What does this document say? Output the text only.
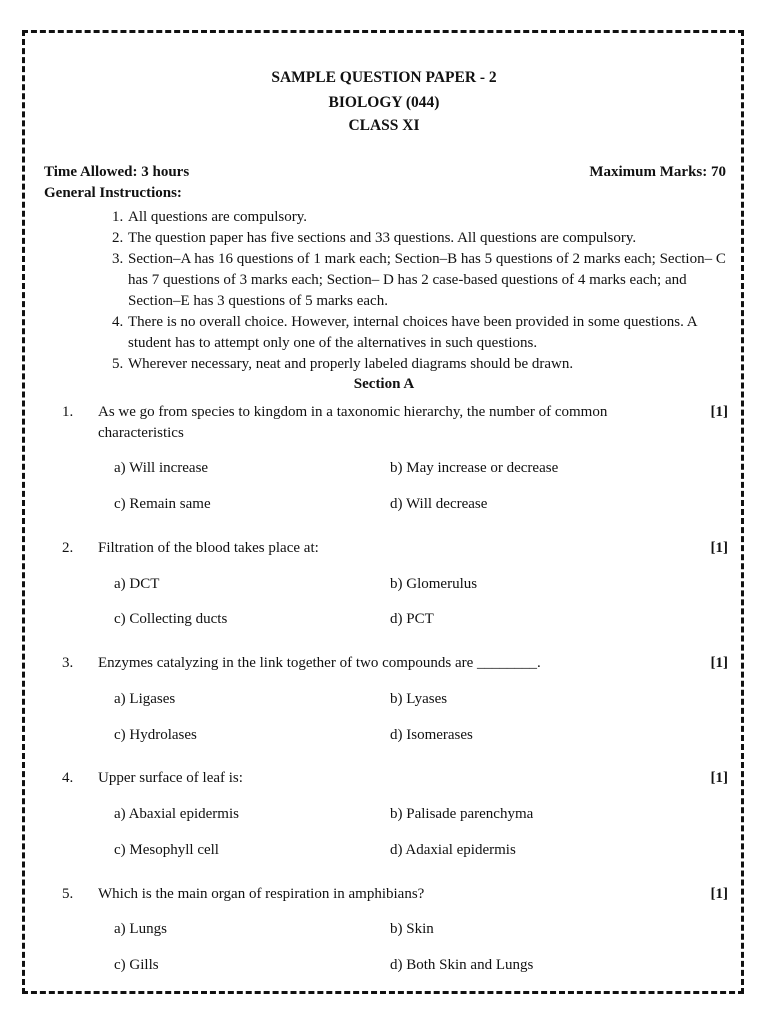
SAMPLE QUESTION PAPER - 2
BIOLOGY (044)
CLASS XI
Time Allowed: 3 hours	Maximum Marks: 70
General Instructions:
1. All questions are compulsory.
2. The question paper has five sections and 33 questions. All questions are compulsory.
3. Section–A has 16 questions of 1 mark each; Section–B has 5 questions of 2 marks each; Section– C has 7 questions of 3 marks each; Section– D has 2 case-based questions of 4 marks each; and Section–E has 3 questions of 5 marks each.
4. There is no overall choice. However, internal choices have been provided in some questions. A student has to attempt only one of the alternatives in such questions.
5. Wherever necessary, neat and properly labeled diagrams should be drawn.
Section A
1. As we go from species to kingdom in a taxonomic hierarchy, the number of common characteristics
[1]
a) Will increase	b) May increase or decrease
c) Remain same	d) Will decrease
2. Filtration of the blood takes place at:	[1]
a) DCT	b) Glomerulus
c) Collecting ducts	d) PCT
3. Enzymes catalyzing in the link together of two compounds are ________.	[1]
a) Ligases	b) Lyases
c) Hydrolases	d) Isomerases
4. Upper surface of leaf is:	[1]
a) Abaxial epidermis	b) Palisade parenchyma
c) Mesophyll cell	d) Adaxial epidermis
5. Which is the main organ of respiration in amphibians?	[1]
a) Lungs	b) Skin
c) Gills	d) Both Skin and Lungs
